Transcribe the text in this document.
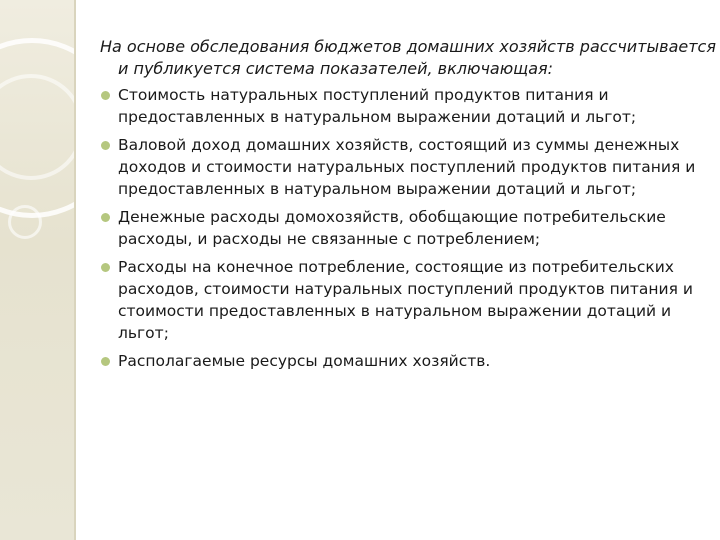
На основе обследования бюджетов домашних хозяйств рассчитывается и публикуется система показателей, включающая:

Стоимость натуральных поступлений продуктов питания и предоставленных в натуральном выражении дотаций и льгот;
Валовой доход домашних хозяйств, состоящий из суммы денежных доходов и стоимости натуральных поступлений продуктов питания и предоставленных в натуральном выражении дотаций и льгот;
Денежные расходы домохозяйств, обобщающие потребительские расходы, и расходы не связанные с потреблением;
Расходы на конечное потребление, состоящие из потребительских расходов, стоимости натуральных поступлений продуктов питания и стоимости предоставленных в натуральном выражении дотаций и льгот;
Располагаемые ресурсы домашних хозяйств.
